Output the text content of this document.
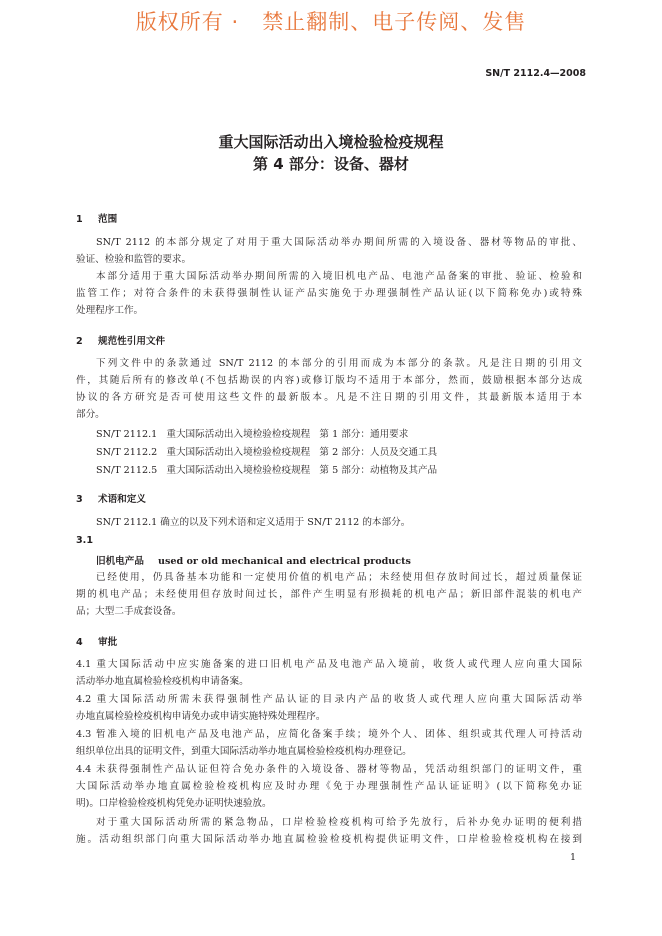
版权所有 ·   禁止翻制、电子传阅、发售
SN/T 2112.4—2008
重大国际活动出入境检验检疫规程
第 4 部分：设备、器材
1 范围
SN/T 2112 的本部分规定了对用于重大国际活动举办期间所需的入境设备、器材等物品的审批、
验证、检验和监管的要求。
本部分适用于重大国际活动举办期间所需的入境旧机电产品、电池产品备案的审批、验证、检验和
监管工作；对符合条件的未获得强制性认证产品实施免于办理强制性产品认证(以下简称免办)或特殊
处理程序工作。
2 规范性引用文件
下列文件中的条款通过 SN/T 2112 的本部分的引用而成为本部分的条款。凡是注日期的引用文
件，其随后所有的修改单(不包括勘误的内容)或修订版均不适用于本部分，然而，鼓励根据本部分达成
协议的各方研究是否可使用这些文件的最新版本。凡是不注日期的引用文件，其最新版本适用于本
部分。
SN/T 2112.1   重大国际活动出入境检验检疫规程   第 1 部分：通用要求
SN/T 2112.2   重大国际活动出入境检验检疫规程   第 2 部分：人员及交通工具
SN/T 2112.5   重大国际活动出入境检验检疫规程   第 5 部分：动植物及其产品
3 术语和定义
SN/T 2112.1 确立的以及下列术语和定义适用于 SN/T 2112 的本部分。
3.1
旧机电产品 used or old mechanical and electrical products
已经使用，仍具备基本功能和一定使用价值的机电产品；未经使用但存放时间过长，超过质量保证
期的机电产品；未经使用但存放时间过长，部件产生明显有形损耗的机电产品；新旧部件混装的机电产
品；大型二手成套设备。
4 审批
4.1 重大国际活动中应实施备案的进口旧机电产品及电池产品入境前，收货人或代理人应向重大国际
活动举办地直属检验检疫机构申请备案。
4.2 重大国际活动所需未获得强制性产品认证的目录内产品的收货人或代理人应向重大国际活动举
办地直属检验检疫机构申请免办或申请实施特殊处理程序。
4.3 暂准入境的旧机电产品及电池产品，应简化备案手续；境外个人、团体、组织或其代理人可持活动
组织单位出具的证明文件，到重大国际活动举办地直属检验检疫机构办理登记。
4.4 未获得强制性产品认证但符合免办条件的入境设备、器材等物品，凭活动组织部门的证明文件，重
大国际活动举办地直属检验检疫机构应及时办理《免于办理强制性产品认证证明》(以下简称免办证
明)。口岸检验检疫机构凭免办证明快速验放。
对于重大国际活动所需的紧急物品，口岸检验检疫机构可给予先放行，后补办免办证明的便利措
施。活动组织部门向重大国际活动举办地直属检验检疫机构提供证明文件，口岸检验检疫机构在接到
1
